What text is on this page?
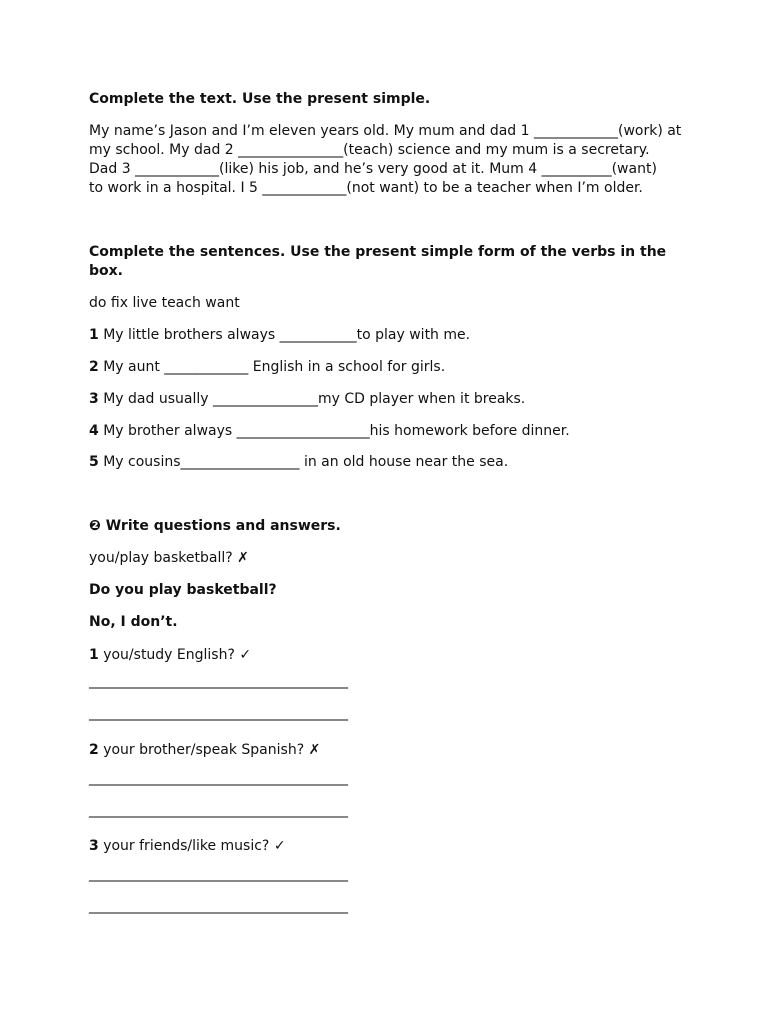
Complete the text. Use the present simple.
My name’s Jason and I’m eleven years old. My mum and dad 1 ____________(work) at
my school. My dad 2 _______________(teach) science and my mum is a secretary.
Dad 3 ____________(like) his job, and he’s very good at it. Mum 4 __________(want)
to work in a hospital. I 5 ____________(not want) to be a teacher when I’m older.
Complete the sentences. Use the present simple form of the verbs in the
box.
do fix live teach want
1 My little brothers always ___________to play with me.
2 My aunt ____________ English in a school for girls.
3 My dad usually _______________my CD player when it breaks.
4 My brother always ___________________his homework before dinner.
5 My cousins_________________ in an old house near the sea.
❷ Write questions and answers.
you/play basketball? ✗
Do you play basketball?
No, I don’t.
1 you/study English? ✓
_____________________________________
_____________________________________
2 your brother/speak Spanish? ✗
_____________________________________
_____________________________________
3 your friends/like music? ✓
_____________________________________
_____________________________________
